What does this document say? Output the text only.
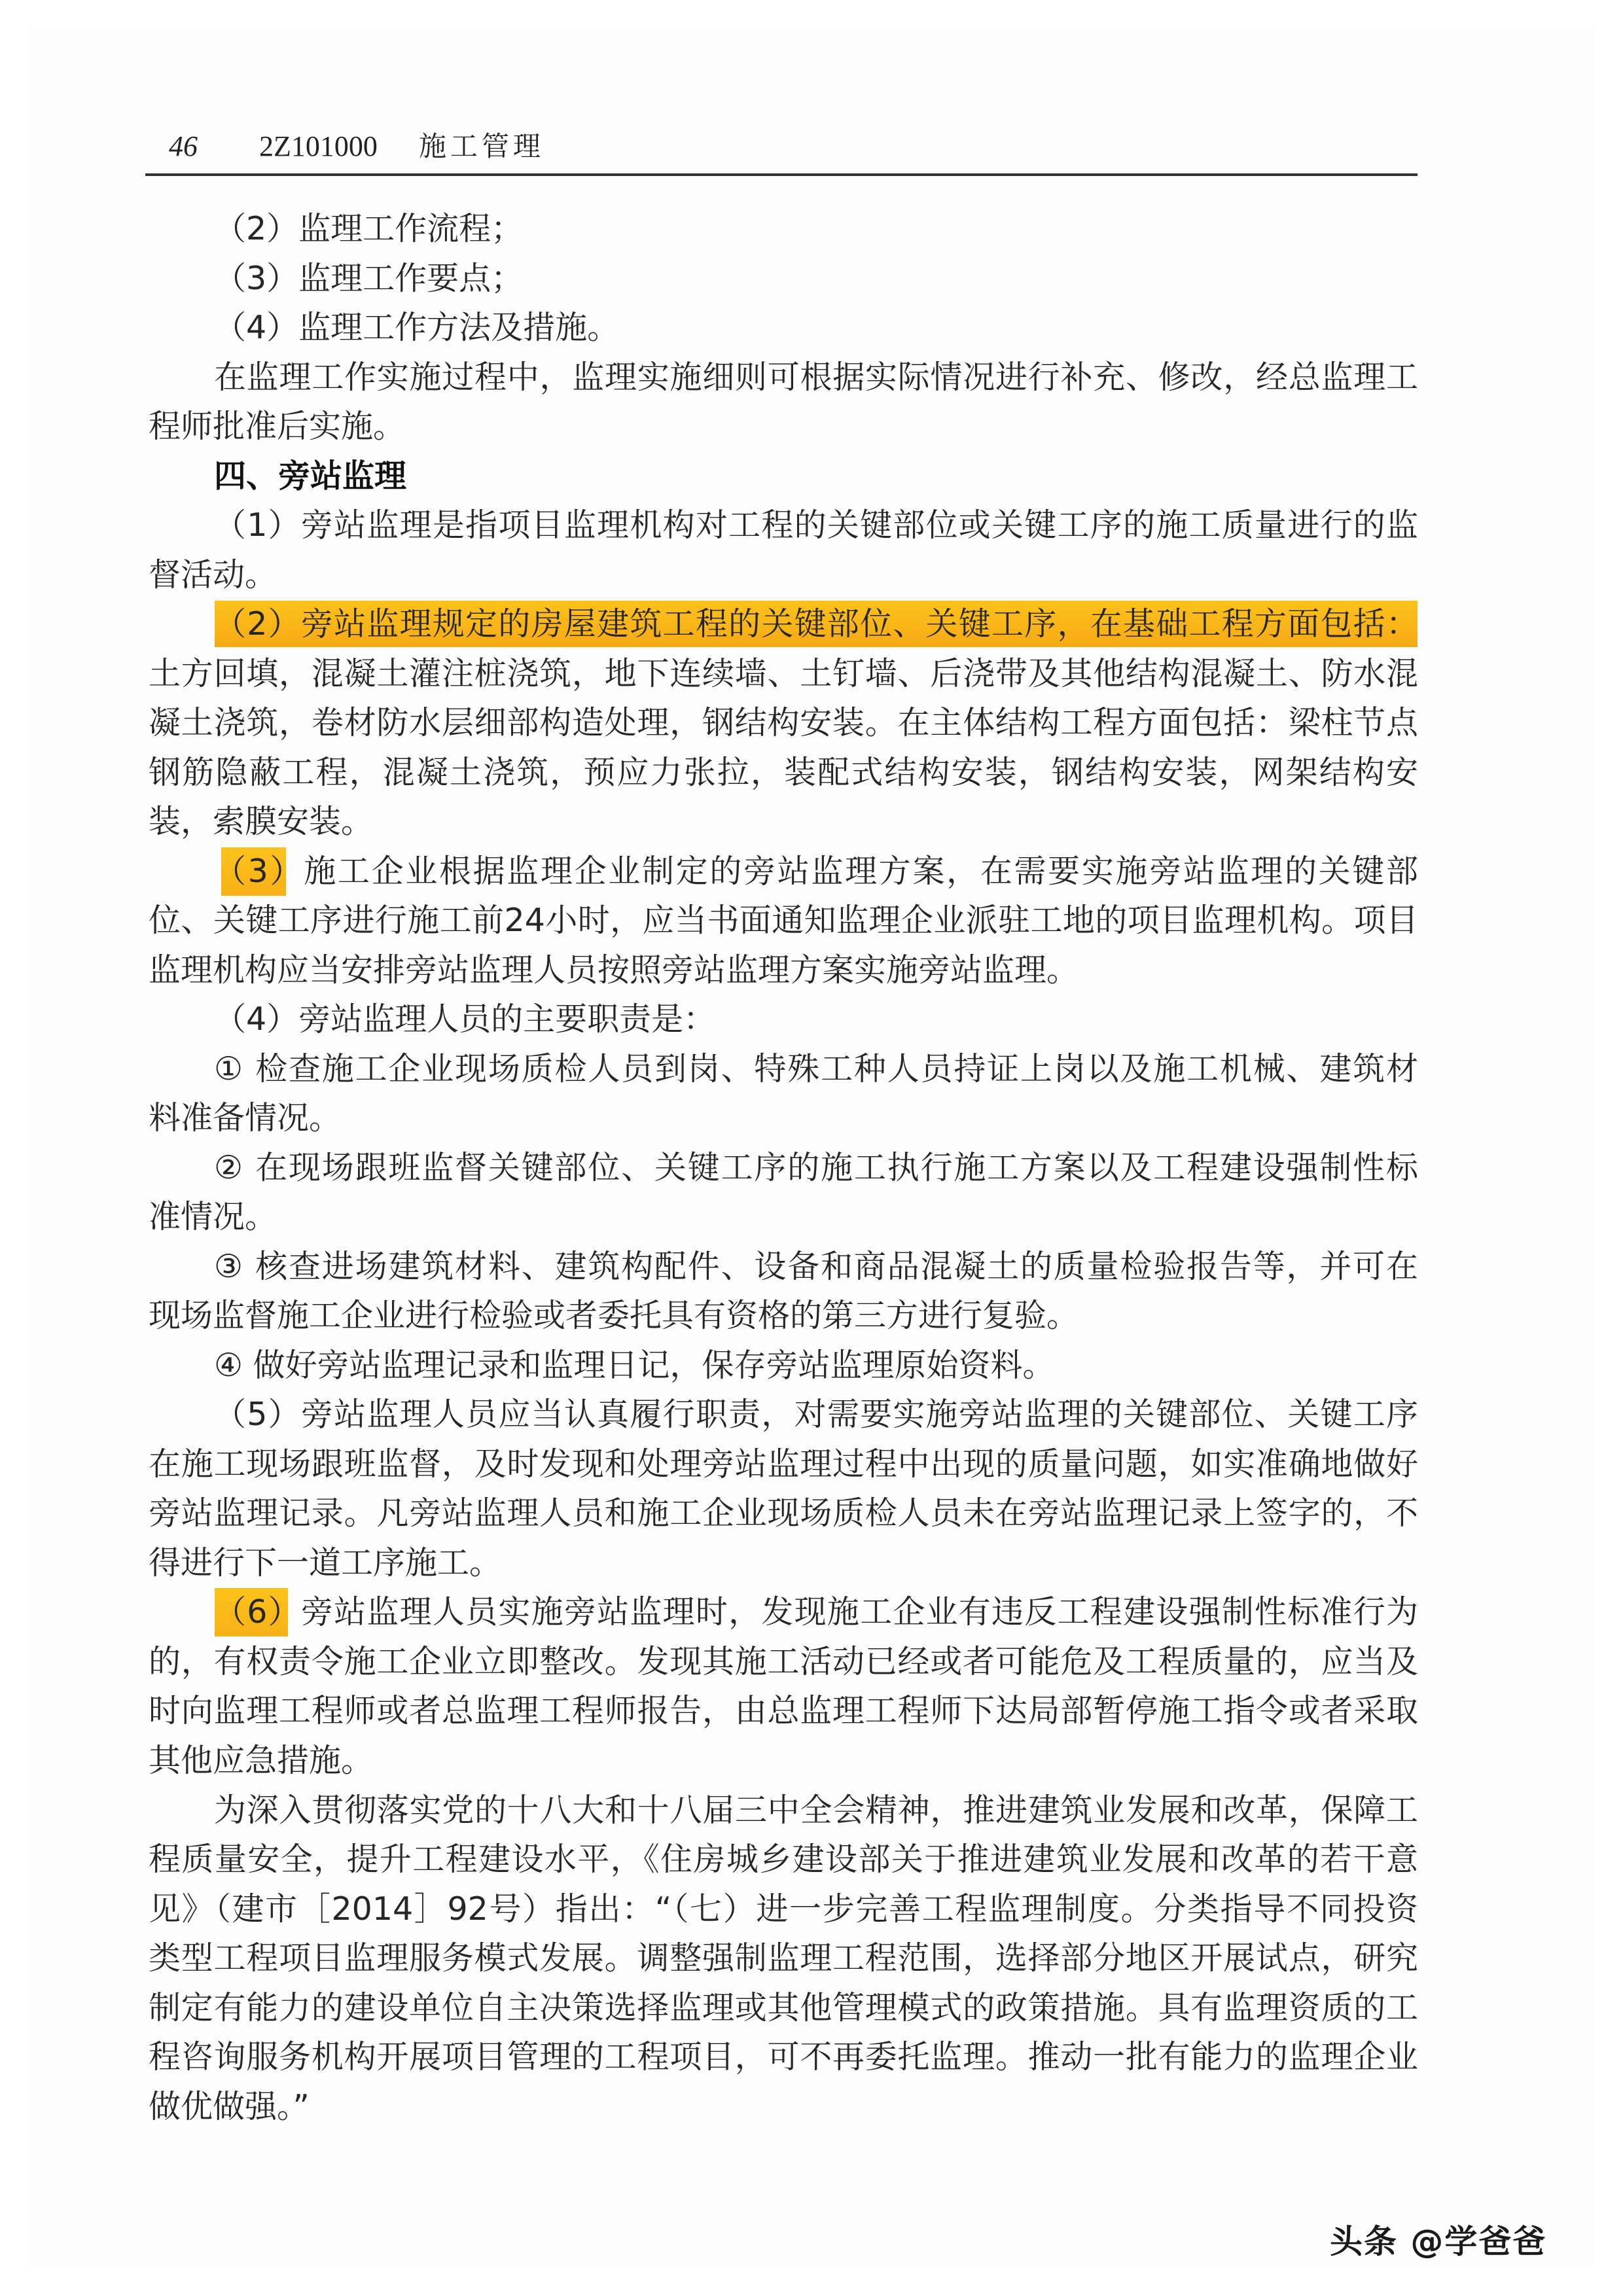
46 2Z101000 施工管理
（2）监理工作流程；
（3）监理工作要点；
（4）监理工作方法及措施。
在监理工作实施过程中，监理实施细则可根据实际情况进行补充、修改，经总监理工
程师批准后实施。
四、旁站监理
（1）旁站监理是指项目监理机构对工程的关键部位或关键工序的施工质量进行的监
督活动。
（2）旁站监理规定的房屋建筑工程的关键部位、关键工序，在基础工程方面包括：
土方回填，混凝土灌注桩浇筑，地下连续墙、土钉墙、后浇带及其他结构混凝土、防水混
凝土浇筑，卷材防水层细部构造处理，钢结构安装。在主体结构工程方面包括：梁柱节点
钢筋隐蔽工程，混凝土浇筑，预应力张拉，装配式结构安装，钢结构安装，网架结构安
装，索膜安装。
（3）施工企业根据监理企业制定的旁站监理方案，在需要实施旁站监理的关键部
位、关键工序进行施工前24小时，应当书面通知监理企业派驻工地的项目监理机构。项目
监理机构应当安排旁站监理人员按照旁站监理方案实施旁站监理。
（4）旁站监理人员的主要职责是：
① 检查施工企业现场质检人员到岗、特殊工种人员持证上岗以及施工机械、建筑材
料准备情况。
② 在现场跟班监督关键部位、关键工序的施工执行施工方案以及工程建设强制性标
准情况。
③ 核查进场建筑材料、建筑构配件、设备和商品混凝土的质量检验报告等，并可在
现场监督施工企业进行检验或者委托具有资格的第三方进行复验。
④ 做好旁站监理记录和监理日记，保存旁站监理原始资料。
（5）旁站监理人员应当认真履行职责，对需要实施旁站监理的关键部位、关键工序
在施工现场跟班监督，及时发现和处理旁站监理过程中出现的质量问题，如实准确地做好
旁站监理记录。凡旁站监理人员和施工企业现场质检人员未在旁站监理记录上签字的，不
得进行下一道工序施工。
（6）旁站监理人员实施旁站监理时，发现施工企业有违反工程建设强制性标准行为
的，有权责令施工企业立即整改。发现其施工活动已经或者可能危及工程质量的，应当及
时向监理工程师或者总监理工程师报告，由总监理工程师下达局部暂停施工指令或者采取
其他应急措施。
为深入贯彻落实党的十八大和十八届三中全会精神，推进建筑业发展和改革，保障工
程质量安全，提升工程建设水平，《住房城乡建设部关于推进建筑业发展和改革的若干意
见》（建市［2014］92号）指出：“（七）进一步完善工程监理制度。分类指导不同投资
类型工程项目监理服务模式发展。调整强制监理工程范围，选择部分地区开展试点，研究
制定有能力的建设单位自主决策选择监理或其他管理模式的政策措施。具有监理资质的工
程咨询服务机构开展项目管理的工程项目，可不再委托监理。推动一批有能力的监理企业
做优做强。”
头条 @学爸爸
